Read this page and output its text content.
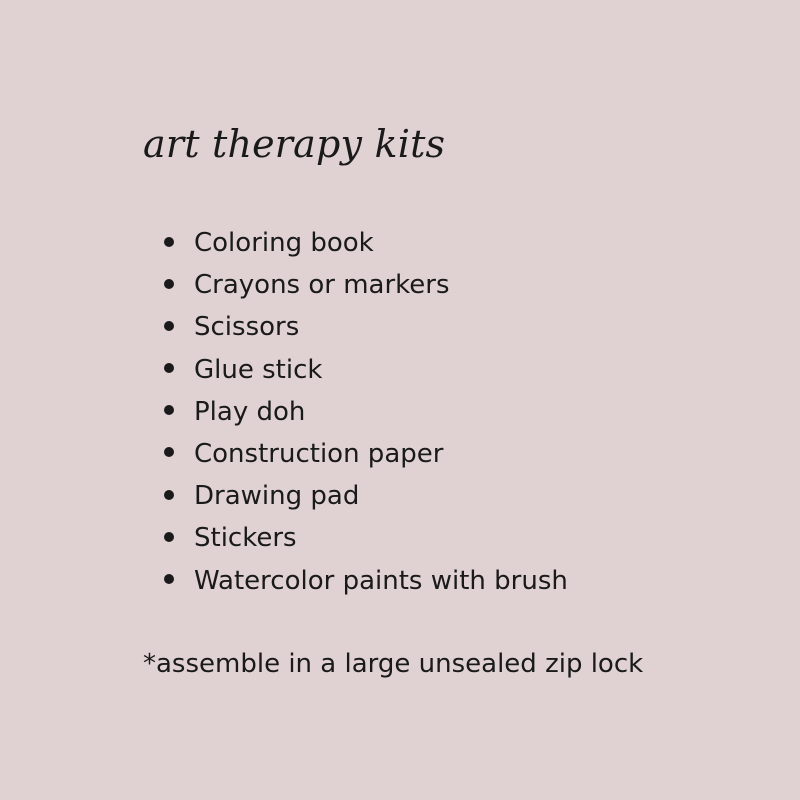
art therapy kits
Coloring book
Crayons or markers
Scissors
Glue stick
Play doh
Construction paper
Drawing pad
Stickers
Watercolor paints with brush

*assemble in a large unsealed zip lock
